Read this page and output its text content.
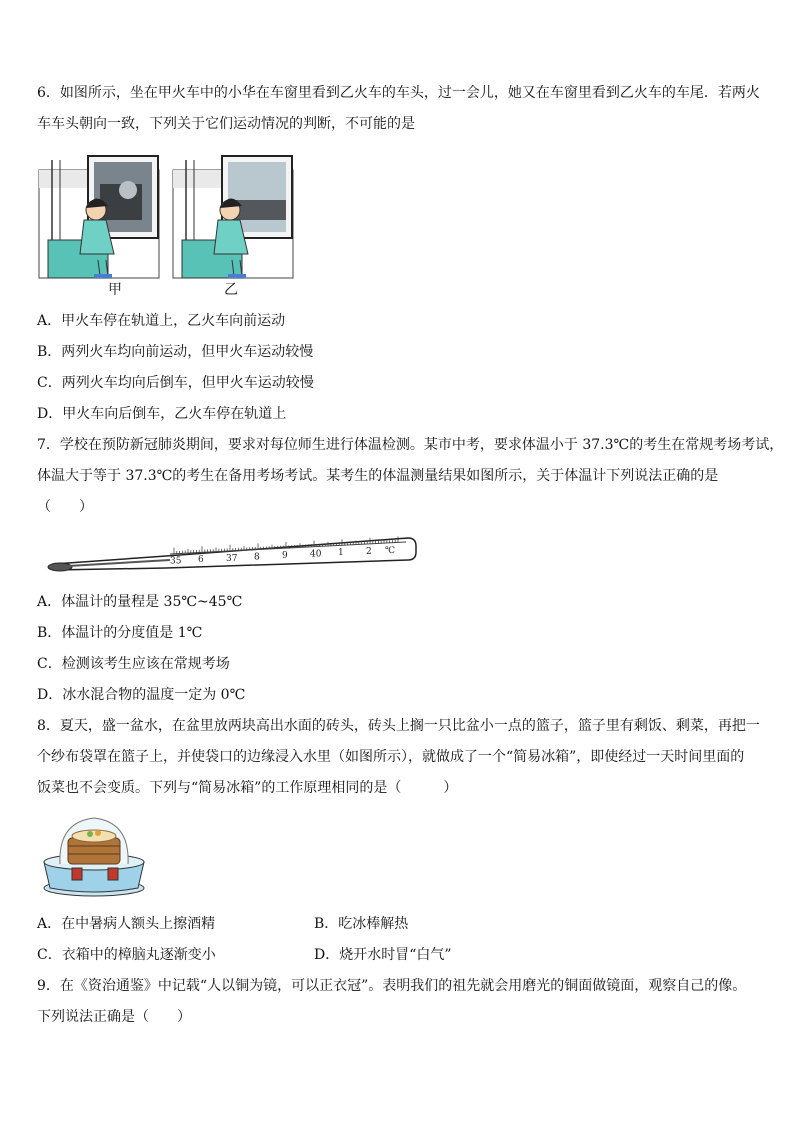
6．如图所示，坐在甲火车中的小华在车窗里看到乙火车的车头，过一会儿，她又在车窗里看到乙火车的车尾．若两火
车车头朝向一致，下列关于它们运动情况的判断，不可能的是
甲	乙
A．甲火车停在轨道上，乙火车向前运动
B．两列火车均向前运动，但甲火车运动较慢
C．两列火车均向后倒车，但甲火车运动较慢
D．甲火车向后倒车，乙火车停在轨道上
7．学校在预防新冠肺炎期间，要求对每位师生进行体温检测。某市中考，要求体温小于 37.3℃的考生在常规考场考试，
体温大于等于 37.3℃的考生在备用考场考试。某考生的体温测量结果如图所示，关于体温计下列说法正确的是
（　　）
35 6 37 8 9 40 1 2 ℃
A．体温计的量程是 35℃~45℃
B．体温计的分度值是 1℃
C．检测该考生应该在常规考场
D．冰水混合物的温度一定为 0℃
8．夏天，盛一盆水，在盆里放两块高出水面的砖头，砖头上搁一只比盆小一点的篮子，篮子里有剩饭、剩菜，再把一
个纱布袋罩在篮子上，并使袋口的边缘浸入水里（如图所示），就做成了一个“简易冰箱”，即使经过一天时间里面的
饭菜也不会变质。下列与“简易冰箱”的工作原理相同的是（　　　）
A．在中暑病人额头上擦酒精	B．吃冰棒解热
C．衣箱中的樟脑丸逐渐变小	D．烧开水时冒“白气”
9．在《资治通鉴》中记载“人以铜为镜，可以正衣冠”。表明我们的祖先就会用磨光的铜面做镜面，观察自己的像。
下列说法正确是（　　）
